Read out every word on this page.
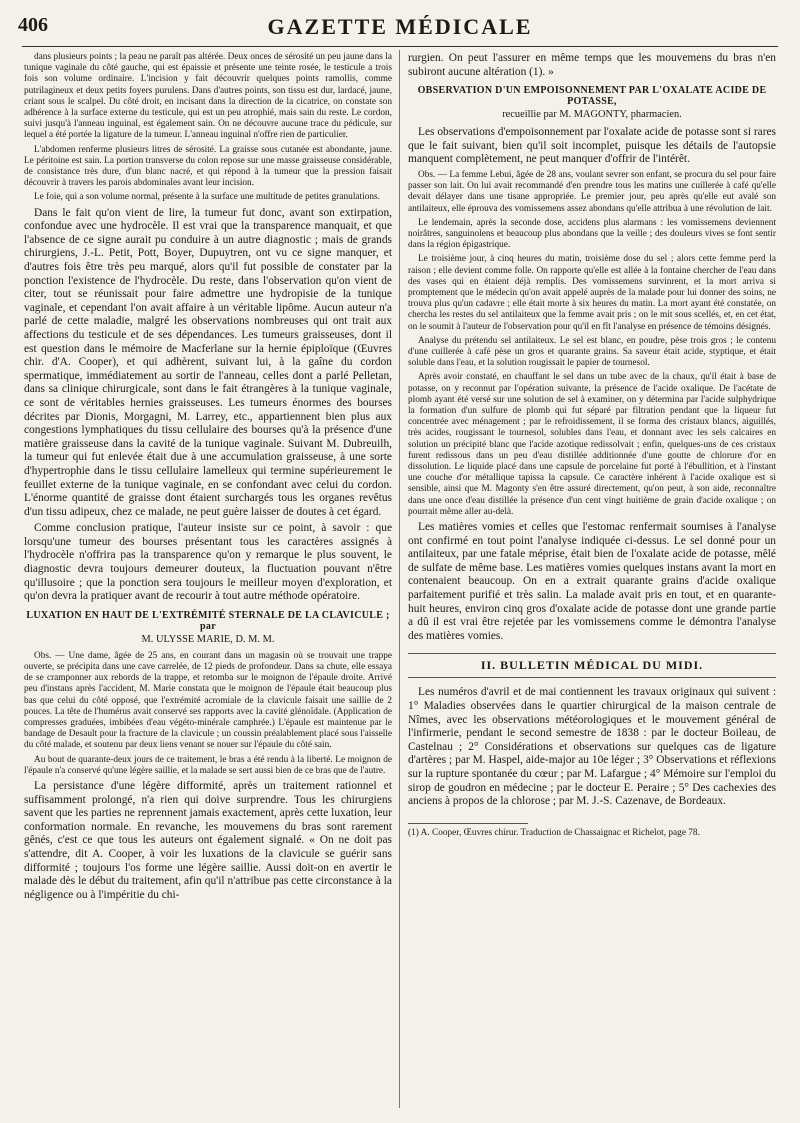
406	GAZETTE MÉDICALE

dans plusieurs points ; la peau ne paraît pas altérée. Deux onces de sérosité un peu jaune dans la tunique vaginale du côté gauche, qui est épaissie et présente une teinte rosée, le testicule a trois fois son volume ordinaire. L'incision y fait découvrir quelques points ramollis, comme putrilagineux et deux petits foyers purulens. Dans d'autres points, son tissu est dur, lardacé, jaune, criant sous le scalpel. Du côté droit, en incisant dans la direction de la cicatrice, on constate son adhérence à la surface externe du testicule, qui est un peu atrophié, mais sain du reste. Le cordon, suivi jusqu'à l'anneau inguinal, est également sain. On ne découvre aucune trace du pédicule, sur lequel a été portée la ligature de la tumeur. L'anneau inguinal n'offre rien de particulier.

L'abdomen renferme plusieurs litres de sérosité. La graisse sous cutanée est abondante, jaune. Le péritoine est sain. La portion transverse du colon repose sur une masse graisseuse considérable, de consistance très dure, d'un blanc nacré, et qui répond à la tumeur que la pression faisait découvrir à travers les parois abdominales avant leur incision.

Le foie, qui a son volume normal, présente à la surface une multitude de petites granulations.

Dans le fait qu'on vient de lire, la tumeur fut donc, avant son extirpation, confondue avec une hydrocèle. Il est vrai que la transparence manquait, et que l'absence de ce signe aurait pu conduire à un autre diagnostic ; mais de grands chirurgiens, J.-L. Petit, Pott, Boyer, Dupuytren, ont vu ce signe manquer, et d'autres fois être très peu marqué, alors qu'il fut possible de constater par la ponction l'existence de l'hydrocèle. Du reste, dans l'observation qu'on vient de citer, tout se réunissait pour faire admettre une hydropisie de la tunique vaginale, et cependant l'on avait affaire à un véritable lipôme. Aucun auteur n'a parlé de cette maladie, malgré les observations nombreuses qui ont trait aux affections du testicule et de ses dépendances. Les tumeurs graisseuses, dont il est question dans le mémoire de Macferlane sur la hernie épiploïque (Œuvres chir. d'A. Cooper), et qui adhèrent, suivant lui, à la gaîne du cordon spermatique, immédiatement au sortir de l'anneau, celles dont a parlé Pelletan, dans sa clinique chirurgicale, sont dans le fait étrangères à la tunique vaginale, ce sont de véritables hernies graisseuses. Les tumeurs énormes des bourses décrites par Dionis, Morgagni, M. Larrey, etc., appartiennent bien plus aux congestions lymphatiques du tissu cellulaire des bourses qu'à la présence d'une matière graisseuse dans la cavité de la tunique vaginale. Suivant M. Dubreuilh, la tumeur qui fut enlevée était due à une accumulation graisseuse, à une sorte d'hypertrophie dans le tissu cellulaire lamelleux qui termine supérieurement le feuillet externe de la tunique vaginale, en se confondant avec celui du cordon. L'énorme quantité de graisse dont étaient surchargés tous les organes revêtus d'un tissu adipeux, chez ce malade, ne peut guère laisser de doutes à cet égard.

Comme conclusion pratique, l'auteur insiste sur ce point, à savoir : que lorsqu'une tumeur des bourses présentant tous les caractères assignés à l'hydrocèle n'offrira pas la transparence qu'on y remarque le plus souvent, le diagnostic devra toujours demeurer douteux, la fluctuation pouvant n'être qu'illusoire ; que la ponction sera toujours le meilleur moyen d'exploration, et qu'on devra la pratiquer avant de recourir à tout autre méthode opératoire.

LUXATION EN HAUT DE L'EXTRÉMITÉ STERNALE DE LA CLAVICULE ; par

M. ULYSSE MARIE, D. M. M.

Obs. — Une dame, âgée de 25 ans, en courant dans un magasin où se trouvait une trappe ouverte, se précipita dans une cave carrelée, de 12 pieds de profondeur. Dans sa chute, elle essaya de se cramponner aux rebords de la trappe, et retomba sur le moignon de l'épaule droite. Arrivé peu d'instans après l'accident, M. Marie constata que le moignon de l'épaule était beaucoup plus bas que celui du côté opposé, que l'extrémité acromiale de la clavicule faisait une saillie de 2 pouces. La tête de l'humérus avait conservé ses rapports avec la cavité glénoïdale. (Application de compresses graduées, imbibées d'eau végéto-minérale camphrée.) L'épaule est maintenue par le bandage de Desault pour la fracture de la clavicule ; un coussin préalablement placé sous l'aisselle du côté malade, et soutenu par deux liens venant se nouer sur l'épaule du côté sain.

Au bout de quarante-deux jours de ce traitement, le bras a été rendu à la liberté. Le moignon de l'épaule n'a conservé qu'une légère saillie, et la malade se sert aussi bien de ce bras que de l'autre.

La persistance d'une légère difformité, après un traitement rationnel et suffisamment prolongé, n'a rien qui doive surprendre. Tous les chirurgiens savent que les parties ne reprennent jamais exactement, après cette luxation, leur conformation normale. En revanche, les mouvemens du bras sont rarement gênés, c'est ce que tous les auteurs ont également signalé. « On ne doit pas s'attendre, dit A. Cooper, à voir les luxations de la clavicule se guérir sans difformité ; toujours l'os forme une légère saillie. Aussi doit-on en avertir le malade dès le début du traitement, afin qu'il n'attribue pas cette circonstance à la négligence ou à l'impéritie du chi-

rurgien. On peut l'assurer en même temps que les mouvemens du bras n'en subiront aucune altération (1). »

OBSERVATION D'UN EMPOISONNEMENT PAR L'OXALATE ACIDE DE POTASSE,

recueillie par M. MAGONTY, pharmacien.

Les observations d'empoisonnement par l'oxalate acide de potasse sont si rares que le fait suivant, bien qu'il soit incomplet, puisque les détails de l'autopsie manquent complètement, ne peut manquer d'offrir de l'intérêt.

Obs. — La femme Lebui, âgée de 28 ans, voulant sevrer son enfant, se procura du sel pour faire passer son lait. On lui avait recommandé d'en prendre tous les matins une cuillerée à café qu'elle devait délayer dans une tisane appropriée. Le premier jour, peu après qu'elle eut avalé son antilaiteux, elle éprouva des vomissemens assez abondans qu'elle attribua à une révolution de lait.

Le lendemain, après la seconde dose, accidens plus alarmans : les vomissemens deviennent noirâtres, sanguinolens et beaucoup plus abondans que la veille ; des douleurs vives se font sentir dans la région épigastrique.

Le troisième jour, à cinq heures du matin, troisième dose du sel ; alors cette femme perd la raison ; elle devient comme folle. On rapporte qu'elle est allée à la fontaine chercher de l'eau dans des vases qui en étaient déjà remplis. Des vomissemens survinrent, et la mort arriva si promptement que le médecin qu'on avait appelé auprès de la malade pour lui donner des soins, ne trouva plus qu'un cadavre ; elle était morte à six heures du matin. La mort ayant été constatée, on chercha les restes du sel antilaiteux que la femme avait pris ; on le mit sous scellés, et, en cet état, on le soumit à l'auteur de l'observation pour qu'il en fît l'analyse en présence de témoins désignés.

Analyse du prétendu sel antilaiteux. Le sel est blanc, en poudre, pèse trois gros ; le contenu d'une cuillerée à café pèse un gros et quarante grains. Sa saveur était acide, styptique, et était soluble dans l'eau, et la solution rougissait le papier de tournesol.

Après avoir constaté, en chauffant le sel dans un tube avec de la chaux, qu'il était à base de potasse, on y reconnut par l'opération suivante, la présence de l'acide oxalique. De l'acétate de plomb ayant été versé sur une solution de sel à examiner, on y détermina par l'acide sulphydrique la formation d'un sulfure de plomb qui fut séparé par filtration pendant que la liqueur fut concentrée avec ménagement ; par le refroidissement, il se forma des cristaux blancs, aiguillés, très acides, rougissant le tournesol, solubles dans l'eau, et donnant avec les sels calcaires en solution un précipité blanc que l'acide azotique redissolvait ; enfin, quelques-uns de ces cristaux furent redissous dans un peu d'eau distillée additionnée d'une goutte de chlorure d'or en dissolution. Le liquide placé dans une capsule de porcelaine fut porté à l'ébullition, et à l'instant une couche d'or métallique tapissa la capsule. Ce caractère inhérent à l'acide oxalique est si sensible, ainsi que M. Magonty s'en être assuré directement, qu'on peut, à son aide, reconnaître dans une once d'eau distillée la présence d'un cent vingt huitième de grain d'acide oxalique ; on pourrait même aller au-delà.

Les matières vomies et celles que l'estomac renfermait soumises à l'analyse ont confirmé en tout point l'analyse indiquée ci-dessus. Le sel donné pour un antilaiteux, par une fatale méprise, était bien de l'oxalate acide de potasse, mêlé de sulfate de même base. Les matières vomies quelques instans avant la mort en contenaient beaucoup. On en a extrait quarante grains d'acide oxalique parfaitement purifié et très salin. La malade avait pris en tout, et en quarante-huit heures, environ cinq gros d'oxalate acide de potasse dont une grande partie a dû il est vrai être rejetée par les vomissemens comme le démontra l'analyse des matières vomies.

II. BULLETIN MÉDICAL DU MIDI.

Les numéros d'avril et de mai contiennent les travaux originaux qui suivent : 1° Maladies observées dans le quartier chirurgical de la maison centrale de Nîmes, avec les observations météorologiques et le mouvement général de l'infirmerie, pendant le second semestre de 1838 : par le docteur Boileau, de Castelnau ; 2° Considérations et observations sur quelques cas de ligature d'artères ; par M. Haspel, aide-major au 10e léger ; 3° Observations et réflexions sur la rupture spontanée du cœur ; par M. Lafargue ; 4° Mémoire sur l'emploi du sirop de goudron en médecine ; par le docteur E. Peraire ; 5° Des cachexies des anciens à propos de la chlorose ; par M. J.-S. Cazenave, de Bordeaux.

(1) A. Cooper, Œuvres chirur. Traduction de Chassaignac et Richelot, page 78.
